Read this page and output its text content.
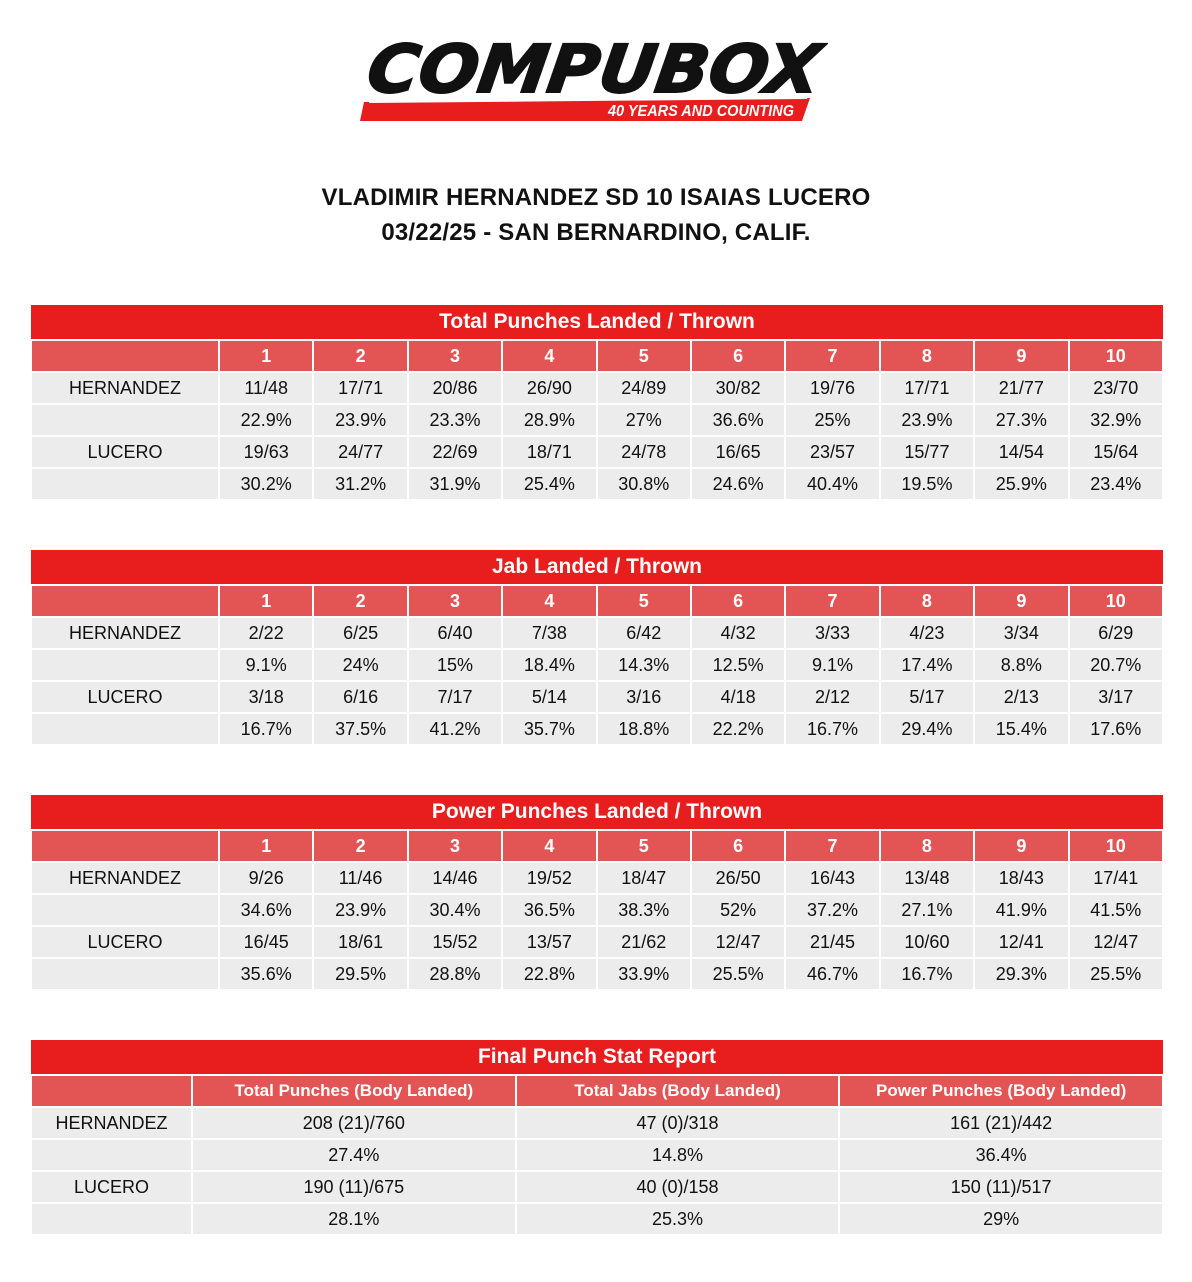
COMPUBOX
40 YEARS AND COUNTING
VLADIMIR HERNANDEZ SD 10 ISAIAS LUCERO
03/22/25 - SAN BERNARDINO, CALIF.
Total Punches Landed / Thrown										
	1	2	3	4	5	6	7	8	9	10
HERNANDEZ	11/48	17/71	20/86	26/90	24/89	30/82	19/76	17/71	21/77	23/70
	22.9%	23.9%	23.3%	28.9%	27%	36.6%	25%	23.9%	27.3%	32.9%
LUCERO	19/63	24/77	22/69	18/71	24/78	16/65	23/57	15/77	14/54	15/64
	30.2%	31.2%	31.9%	25.4%	30.8%	24.6%	40.4%	19.5%	25.9%	23.4%
Jab Landed / Thrown										
	1	2	3	4	5	6	7	8	9	10
HERNANDEZ	2/22	6/25	6/40	7/38	6/42	4/32	3/33	4/23	3/34	6/29
	9.1%	24%	15%	18.4%	14.3%	12.5%	9.1%	17.4%	8.8%	20.7%
LUCERO	3/18	6/16	7/17	5/14	3/16	4/18	2/12	5/17	2/13	3/17
	16.7%	37.5%	41.2%	35.7%	18.8%	22.2%	16.7%	29.4%	15.4%	17.6%
Power Punches Landed / Thrown										
	1	2	3	4	5	6	7	8	9	10
HERNANDEZ	9/26	11/46	14/46	19/52	18/47	26/50	16/43	13/48	18/43	17/41
	34.6%	23.9%	30.4%	36.5%	38.3%	52%	37.2%	27.1%	41.9%	41.5%
LUCERO	16/45	18/61	15/52	13/57	21/62	12/47	21/45	10/60	12/41	12/47
	35.6%	29.5%	28.8%	22.8%	33.9%	25.5%	46.7%	16.7%	29.3%	25.5%
Final Punch Stat Report			
	Total Punches (Body Landed)	Total Jabs (Body Landed)	Power Punches (Body Landed)
HERNANDEZ	208 (21)/760	47 (0)/318	161 (21)/442
	27.4%	14.8%	36.4%
LUCERO	190 (11)/675	40 (0)/158	150 (11)/517
	28.1%	25.3%	29%
